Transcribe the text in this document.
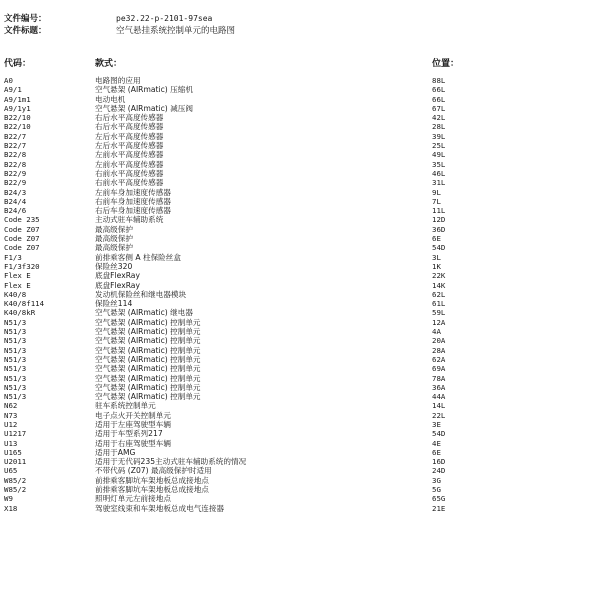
文件编号：	pe32.22-p-2101-97sea
文件标题：	空气悬挂系统控制单元的电路图
代码：	款式：	位置：
A0	电路图的应用	88L
A9/1	空气悬架 (AIRmatic) 压缩机	66L
A9/1m1	电动电机	66L
A9/1y1	空气悬架 (AIRmatic) 减压阀	67L
B22/10	右后水平高度传感器	42L
B22/10	右后水平高度传感器	28L
B22/7	左后水平高度传感器	39L
B22/7	左后水平高度传感器	25L
B22/8	左前水平高度传感器	49L
B22/8	左前水平高度传感器	35L
B22/9	右前水平高度传感器	46L
B22/9	右前水平高度传感器	31L
B24/3	左前车身加速度传感器	9L
B24/4	右前车身加速度传感器	7L
B24/6	右后车身加速度传感器	11L
Code 235	主动式驻车辅助系统	12D
Code Z07	最高级保护	36D
Code Z07	最高级保护	6E
Code Z07	最高级保护	54D
F1/3	前排乘客侧 A 柱保险丝盒	3L
F1/3f320	保险丝320	1K
Flex E	底盘FlexRay	22K
Flex E	底盘FlexRay	14K
K40/8	发动机保险丝和继电器模块	62L
K40/8f114	保险丝114	61L
K40/8kR	空气悬架 (AIRmatic) 继电器	59L
N51/3	空气悬架 (AIRmatic) 控制单元	12A
N51/3	空气悬架 (AIRmatic) 控制单元	4A
N51/3	空气悬架 (AIRmatic) 控制单元	20A
N51/3	空气悬架 (AIRmatic) 控制单元	28A
N51/3	空气悬架 (AIRmatic) 控制单元	62A
N51/3	空气悬架 (AIRmatic) 控制单元	69A
N51/3	空气悬架 (AIRmatic) 控制单元	78A
N51/3	空气悬架 (AIRmatic) 控制单元	36A
N51/3	空气悬架 (AIRmatic) 控制单元	44A
N62	驻车系统控制单元	14L
N73	电子点火开关控制单元	22L
U12	适用于左座驾驶型车辆	3E
U1217	适用于车型系列217	54D
U13	适用于右座驾驶型车辆	4E
U165	适用于AMG	6E
U2011	适用于无代码235主动式驻车辅助系统的情况	16D
U65	不带代码 (Z07) 最高级保护时适用	24D
W85/2	前排乘客脚坑车架地板总成接地点	3G
W85/2	前排乘客脚坑车架地板总成接地点	5G
W9	照明灯单元左前接地点	65G
X18	驾驶室线束和车架地板总成电气连接器	21E
